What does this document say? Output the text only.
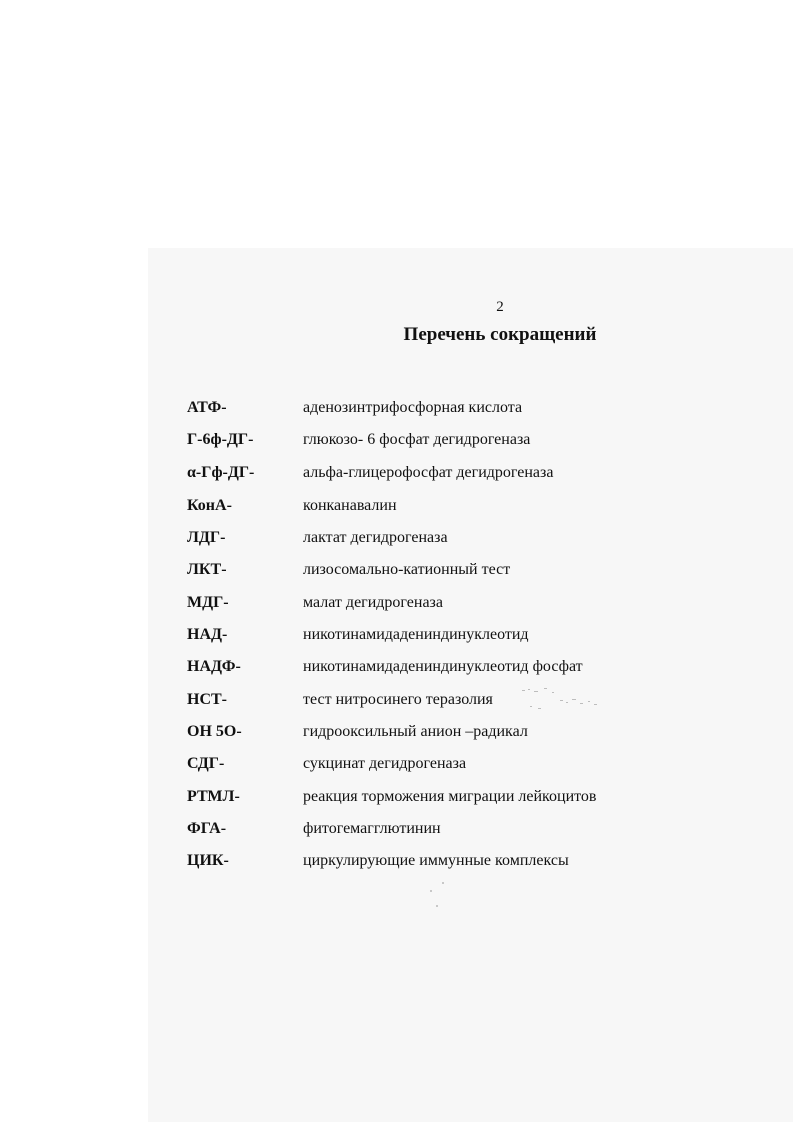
2
Перечень сокращений
АТФ-	аденозинтрифосфорная кислота
Г-6ф-ДГ-	глюкозо- 6 фосфат дегидрогеназа
α-Гф-ДГ-	альфа-глицерофосфат дегидрогеназа
КонА-	конканавалин
ЛДГ-	лактат дегидрогеназа
ЛКТ-	лизосомально-катионный тест
МДГ-	малат дегидрогеназа
НАД-	никотинамидадениндинуклеотид
НАДФ-	никотинамидадениндинуклеотид фосфат
НСТ-	тест нитросинего теразолия
ОН 5О-	гидрооксильный анион –радикал
СДГ-	сукцинат дегидрогеназа
РТМЛ-	реакция торможения миграции лейкоцитов
ФГА-	фитогемагглютинин
ЦИК-	циркулирующие иммунные комплексы
